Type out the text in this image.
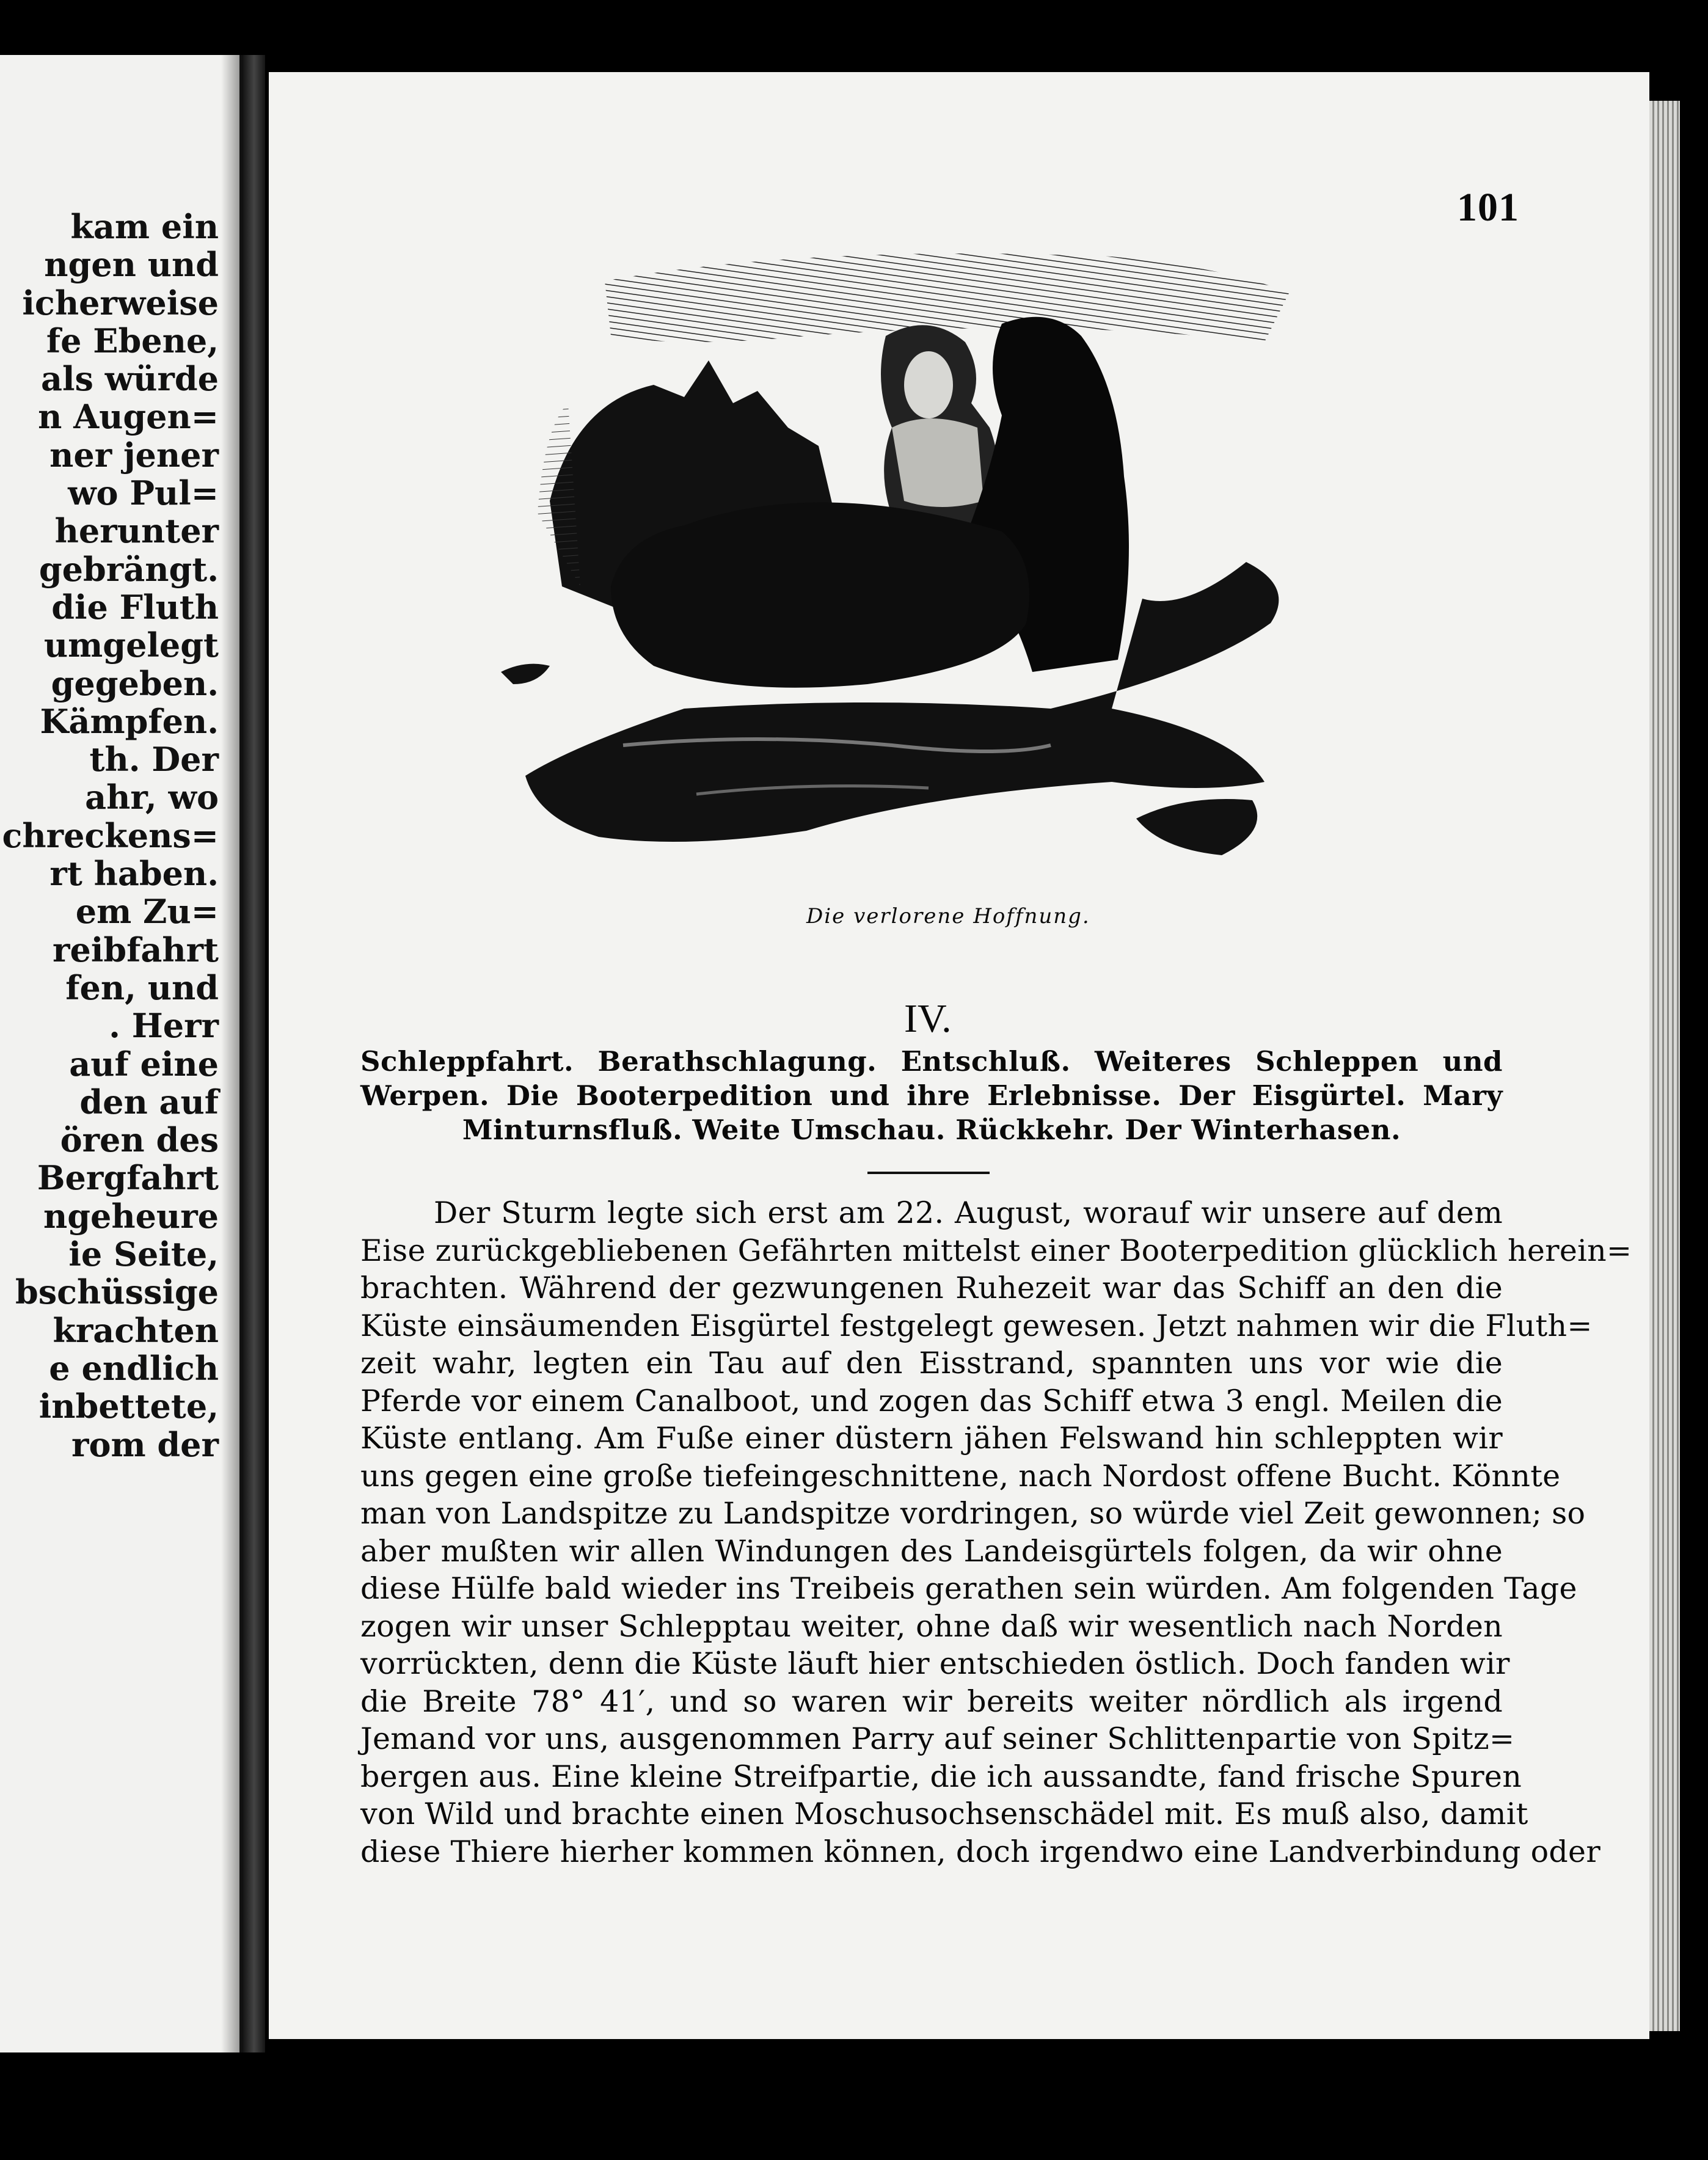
kam ein
ngen und
icherweise
fe Ebene,
als würde
n Augen=
ner jener
wo Pul=
herunter
gebrängt.
die Fluth
umgelegt
gegeben.
Kämpfen.
th. Der
ahr, wo
chreckens=
rt haben.
em Zu=
reibfahrt
fen, und
. Herr
auf eine
den auf
ören des
Bergfahrt
ngeheure
ie Seite,
bschüssige
krachten
e endlich
inbettete,
rom der
101
Die verlorene Hoffnung.
IV.
Schleppfahrt. Berathschlagung. Entschluß. Weiteres Schleppen und Werpen. Die Booterpedition und ihre Erlebnisse. Der Eisgürtel. Mary Minturnsfluß. Weite Umschau. Rückkehr. Der Winterhasen.
Der Sturm legte sich erst am 22. August, worauf wir unsere auf dem
Eise zurückgebliebenen Gefährten mittelst einer Booterpedition glücklich herein=
brachten. Während der gezwungenen Ruhezeit war das Schiff an den die
Küste einsäumenden Eisgürtel festgelegt gewesen. Jetzt nahmen wir die Fluth=
zeit wahr, legten ein Tau auf den Eisstrand, spannten uns vor wie die
Pferde vor einem Canalboot, und zogen das Schiff etwa 3 engl. Meilen die
Küste entlang. Am Fuße einer düstern jähen Felswand hin schleppten wir
uns gegen eine große tiefeingeschnittene, nach Nordost offene Bucht. Könnte
man von Landspitze zu Landspitze vordringen, so würde viel Zeit gewonnen; so
aber mußten wir allen Windungen des Landeisgürtels folgen, da wir ohne
diese Hülfe bald wieder ins Treibeis gerathen sein würden. Am folgenden Tage
zogen wir unser Schlepptau weiter, ohne daß wir wesentlich nach Norden
vorrückten, denn die Küste läuft hier entschieden östlich. Doch fanden wir
die Breite 78° 41′, und so waren wir bereits weiter nördlich als irgend
Jemand vor uns, ausgenommen Parry auf seiner Schlittenpartie von Spitz=
bergen aus. Eine kleine Streifpartie, die ich aussandte, fand frische Spuren
von Wild und brachte einen Moschusochsenschädel mit. Es muß also, damit
diese Thiere hierher kommen können, doch irgendwo eine Landverbindung oder
